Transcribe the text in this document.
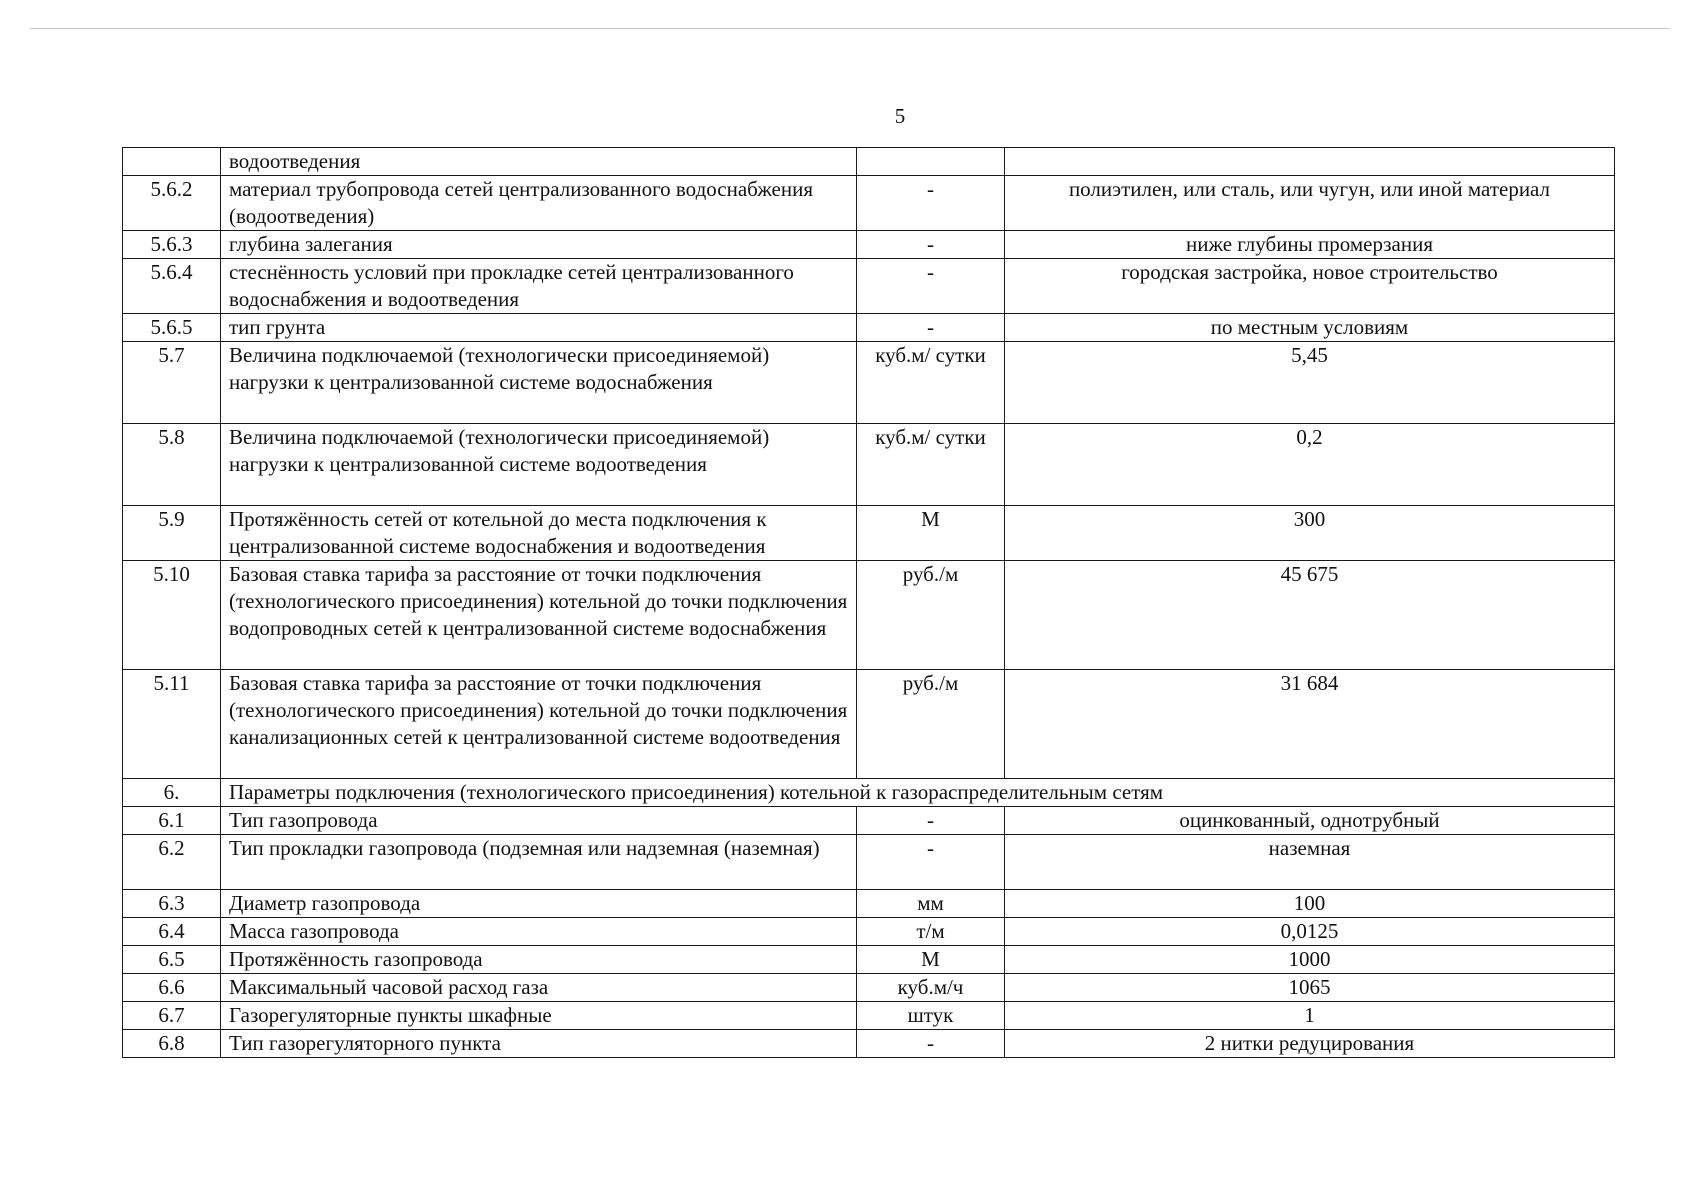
5
	водоотведения		
5.6.2	материал трубопровода сетей централизованного водоснабжения (водоотведения)	-	полиэтилен, или сталь, или чугун, или иной материал
5.6.3	глубина залегания	-	ниже глубины промерзания
5.6.4	стеснённость условий при прокладке сетей централизованного водоснабжения и водоотведения	-	городская застройка, новое строительство
5.6.5	тип грунта	-	по местным условиям
5.7	Величина подключаемой (технологически присоединяемой) нагрузки к централизованной системе водоснабжения	куб.м/ сутки	5,45
5.8	Величина подключаемой (технологически присоединяемой) нагрузки к централизованной системе водоотведения	куб.м/ сутки	0,2
5.9	Протяжённость сетей от котельной до места подключения к централизованной системе водоснабжения и водоотведения	М	300
5.10	Базовая ставка тарифа за расстояние от точки подключения (технологического присоединения) котельной до точки подключения водопроводных сетей к централизованной системе водоснабжения	руб./м	45 675
5.11	Базовая ставка тарифа за расстояние от точки подключения (технологического присоединения) котельной до точки подключения канализационных сетей к централизованной системе водоотведения	руб./м	31 684
6.	Параметры подключения (технологического присоединения) котельной к газораспределительным сетям		
6.1	Тип газопровода	-	оцинкованный, однотрубный
6.2	Тип прокладки газопровода (подземная или надземная (наземная)	-	наземная
6.3	Диаметр газопровода	мм	100
6.4	Масса газопровода	т/м	0,0125
6.5	Протяжённость газопровода	М	1000
6.6	Максимальный часовой расход газа	куб.м/ч	1065
6.7	Газорегуляторные пункты шкафные	штук	1
6.8	Тип газорегуляторного пункта	-	2 нитки редуцирования
